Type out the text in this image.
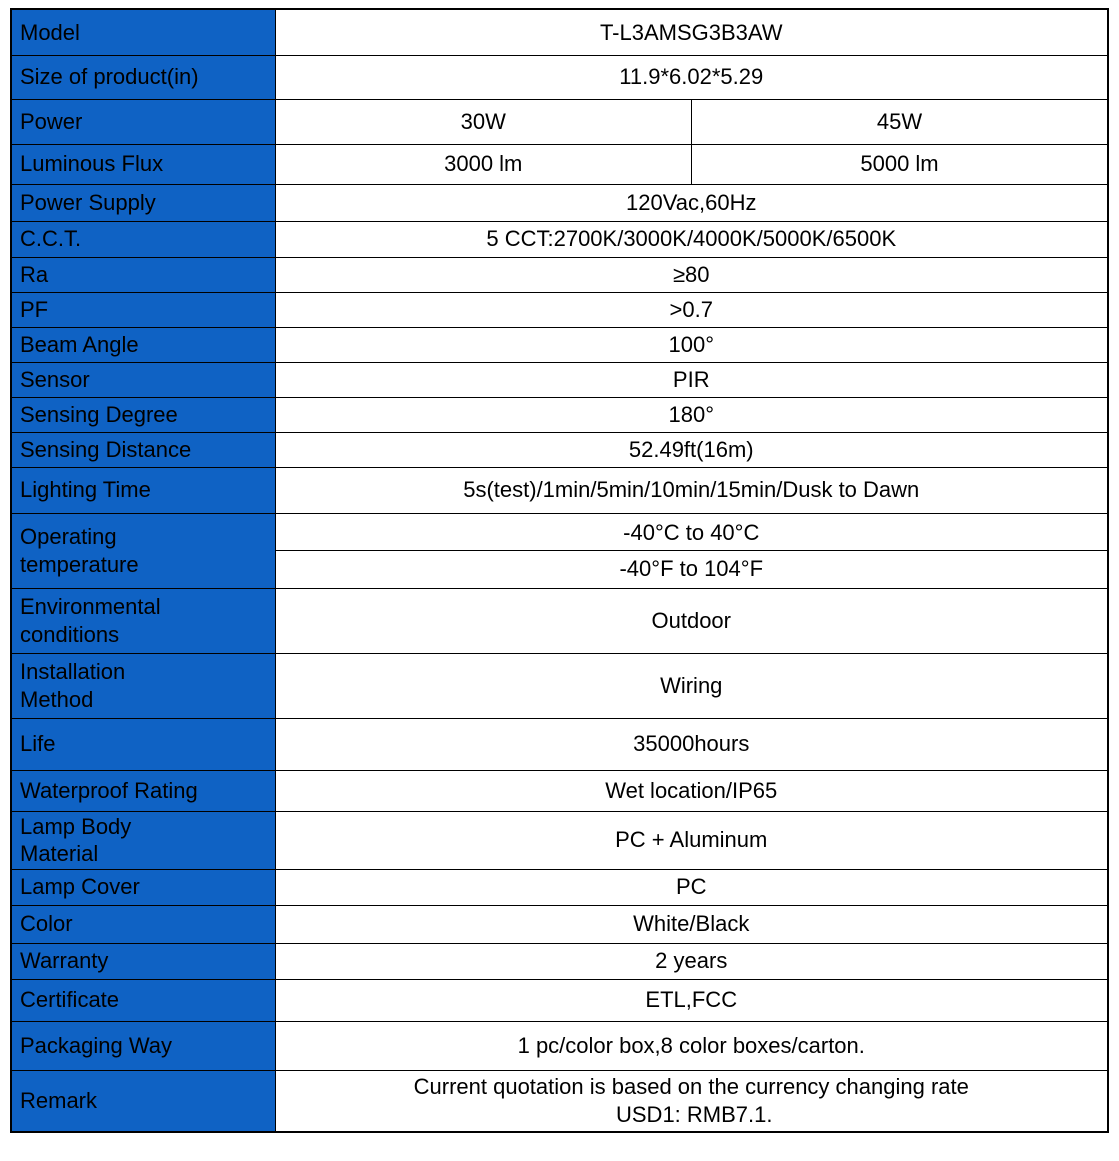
Model	T-L3AMSG3B3AW	
Size of product(in)	11.9*6.02*5.29	
Power	30W	45W
Luminous Flux	3000 lm	5000 lm
Power Supply	120Vac,60Hz	
C.C.T.	5 CCT:2700K/3000K/4000K/5000K/6500K	
Ra	≥80	
PF	>0.7	
Beam Angle	100°	
Sensor	PIR	
Sensing Degree	180°	
Sensing Distance	52.49ft(16m)	
Lighting Time	5s(test)/1min/5min/10min/15min/Dusk to Dawn	

Operating
temperature	-40°C to 40°C
-40°F to 104°F	

Environmental
conditions	Outdoor	

Installation
Method	Wiring	
Life	35000hours	
Waterproof Rating	Wet location/IP65	

Lamp Body
Material	PC + Aluminum	
Lamp Cover	PC	
Color	White/Black	
Warranty	2 years	
Certificate	ETL,FCC	
Packaging Way	1 pc/color box,8 color boxes/carton.	
Remark	Current quotation is based on the currency changing rate
USD1: RMB7.1.	
